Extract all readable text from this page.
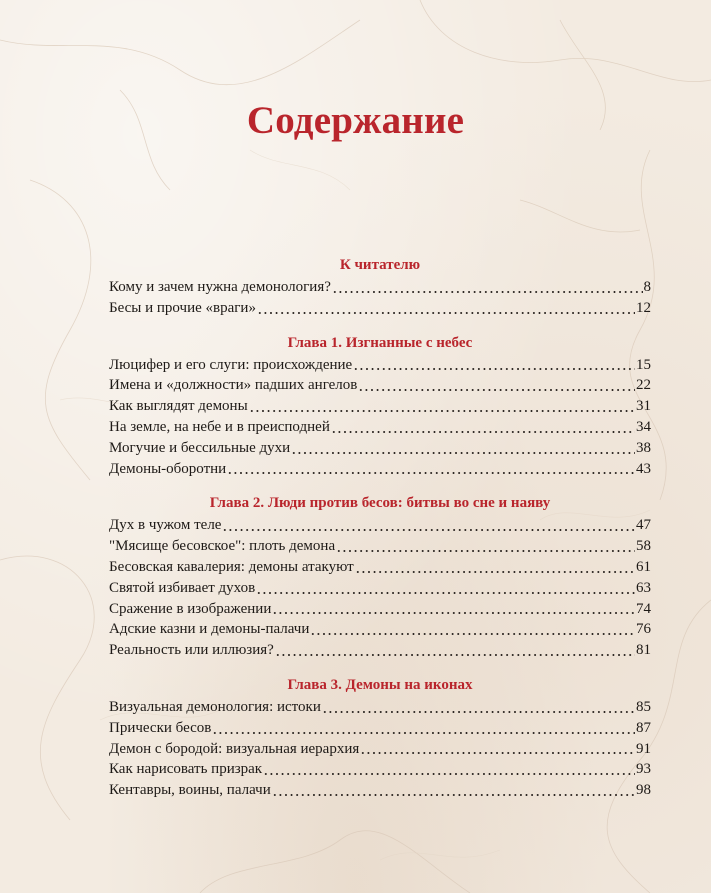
Содержание
К читателю
Кому и зачем нужна демонология?	8
Бесы и прочие «враги»	12
Глава 1. Изгнанные с небес
Люцифер и его слуги: происхождение	15
Имена и «должности» падших ангелов	22
Как выглядят демоны	31
На земле, на небе и в преисподней	34
Могучие и бессильные духи	38
Демоны-оборотни	43
Глава 2. Люди против бесов: битвы во сне и наяву
Дух в чужом теле	47
"Мясище бесовское": плоть демона	58
Бесовская кавалерия: демоны атакуют	61
Святой избивает духов	63
Сражение в изображении	74
Адские казни и демоны-палачи	76
Реальность или иллюзия?	81
Глава 3. Демоны на иконах
Визуальная демонология: истоки	85
Прически бесов	87
Демон с бородой: визуальная иерархия	91
Как нарисовать призрак	93
Кентавры, воины, палачи	98
